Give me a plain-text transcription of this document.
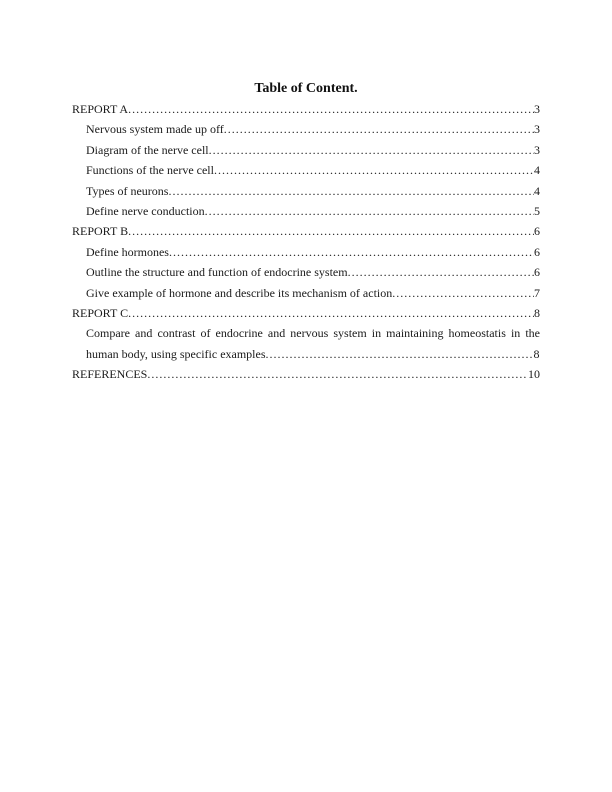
Table of Content.
REPORT A .....	3
Nervous system made up off .....	3
Diagram of the nerve cell .....	3
Functions of the nerve cell .....	4
Types of neurons .....	4
Define nerve conduction .....	5
REPORT B .....	6
Define hormones .....	6
Outline the structure and function of endocrine system .....	6
Give example of hormone and describe its mechanism of action .....	7
REPORT C .....	8
Compare and contrast of endocrine and nervous system in maintaining homeostatis in the human body, using specific examples...................................................................8
REFERENCES .....	10
